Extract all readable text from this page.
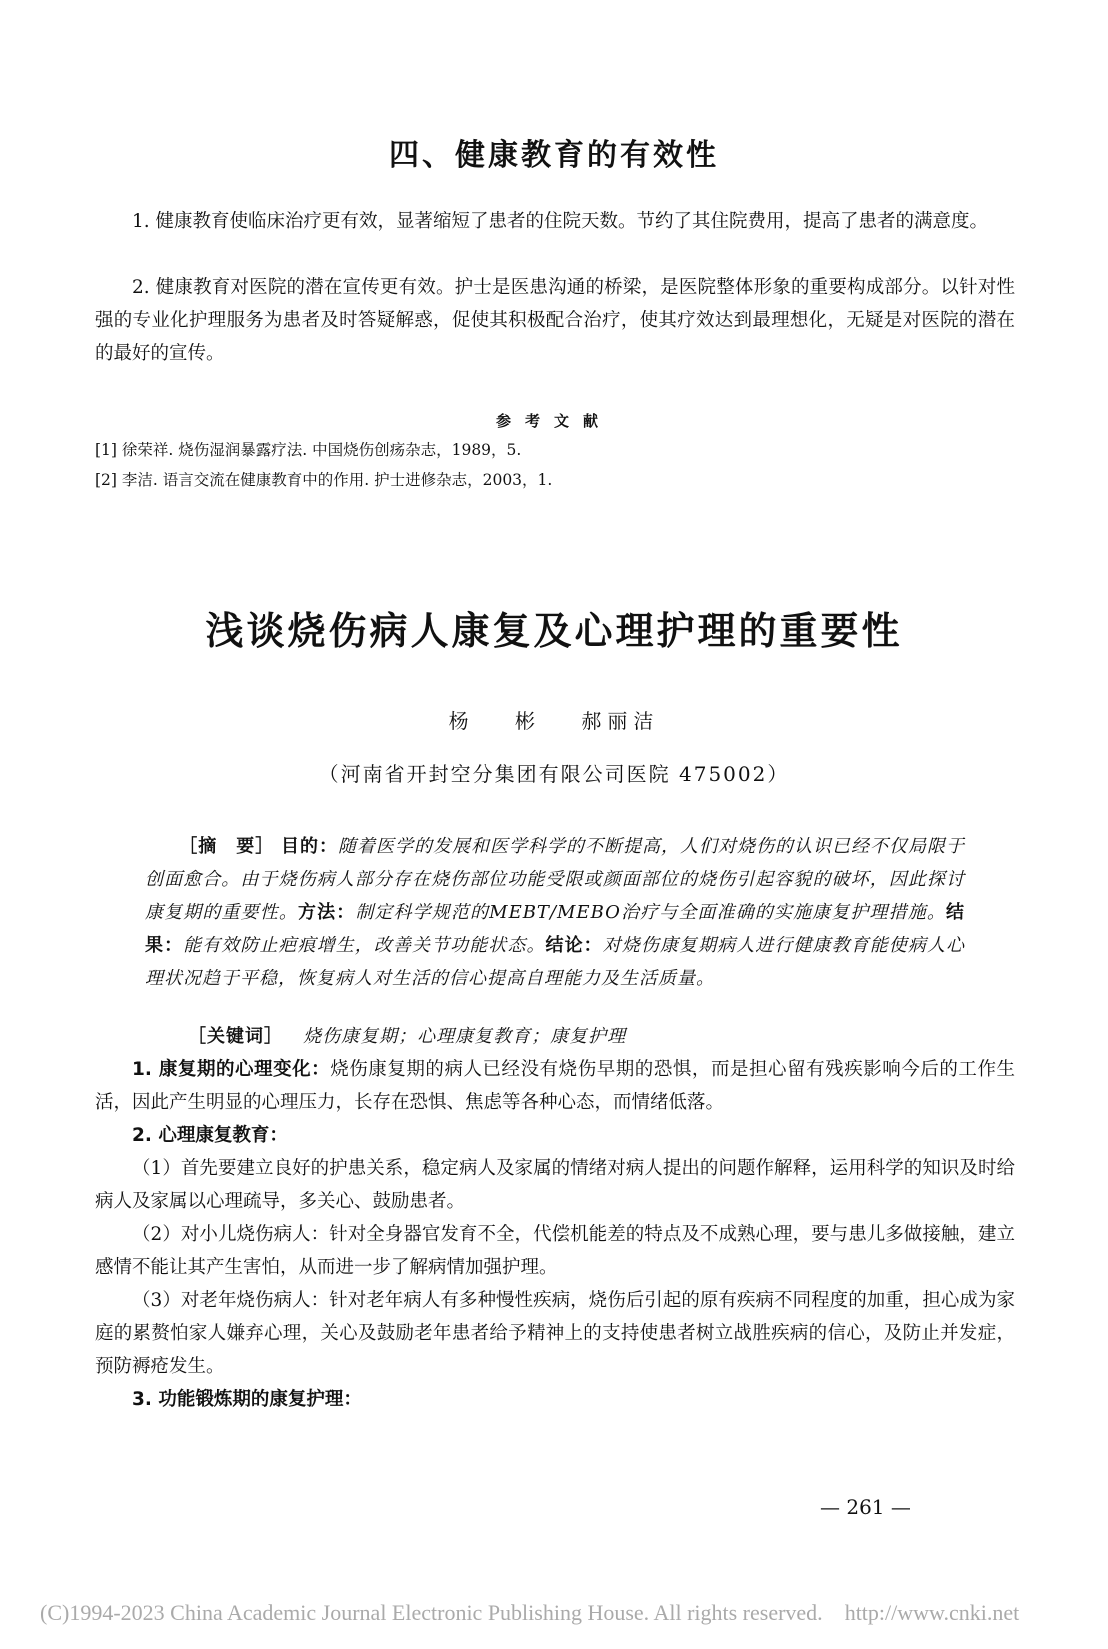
四、健康教育的有效性

1. 健康教育使临床治疗更有效，显著缩短了患者的住院天数。节约了其住院费用，提高了患者的满意度。

2. 健康教育对医院的潜在宣传更有效。护士是医患沟通的桥梁，是医院整体形象的重要构成部分。以针对性强的专业化护理服务为患者及时答疑解惑，促使其积极配合治疗，使其疗效达到最理想化，无疑是对医院的潜在的最好的宣传。

参考文献
[1] 徐荣祥. 烧伤湿润暴露疗法. 中国烧伤创疡杂志，1989，5.
[2] 李洁. 语言交流在健康教育中的作用. 护士进修杂志，2003，1.
浅谈烧伤病人康复及心理护理的重要性
杨 彬 郝丽洁
（河南省开封空分集团有限公司医院 475002）
［摘　要］ 目的：随着医学的发展和医学科学的不断提高，人们对烧伤的认识已经不仅局限于创面愈合。由于烧伤病人部分存在烧伤部位功能受限或颜面部位的烧伤引起容貌的破坏，因此探讨康复期的重要性。方法：制定科学规范的MEBT/MEBO治疗与全面准确的实施康复护理措施。结果：能有效防止疤痕增生，改善关节功能状态。结论：对烧伤康复期病人进行健康教育能使病人心理状况趋于平稳，恢复病人对生活的信心提高自理能力及生活质量。
［关键词］ 烧伤康复期；心理康复教育；康复护理

1. 康复期的心理变化：烧伤康复期的病人已经没有烧伤早期的恐惧，而是担心留有残疾影响今后的工作生活，因此产生明显的心理压力，长存在恐惧、焦虑等各种心态，而情绪低落。

2. 心理康复教育：

（1）首先要建立良好的护患关系，稳定病人及家属的情绪对病人提出的问题作解释，运用科学的知识及时给病人及家属以心理疏导，多关心、鼓励患者。

（2）对小儿烧伤病人：针对全身器官发育不全，代偿机能差的特点及不成熟心理，要与患儿多做接触，建立感情不能让其产生害怕，从而进一步了解病情加强护理。

（3）对老年烧伤病人：针对老年病人有多种慢性疾病，烧伤后引起的原有疾病不同程度的加重，担心成为家庭的累赘怕家人嫌弃心理，关心及鼓励老年患者给予精神上的支持使患者树立战胜疾病的信心，及防止并发症，预防褥疮发生。

3. 功能锻炼期的康复护理：

— 261 —
(C)1994-2023 China Academic Journal Electronic Publishing House. All rights reserved. http://www.cnki.net
